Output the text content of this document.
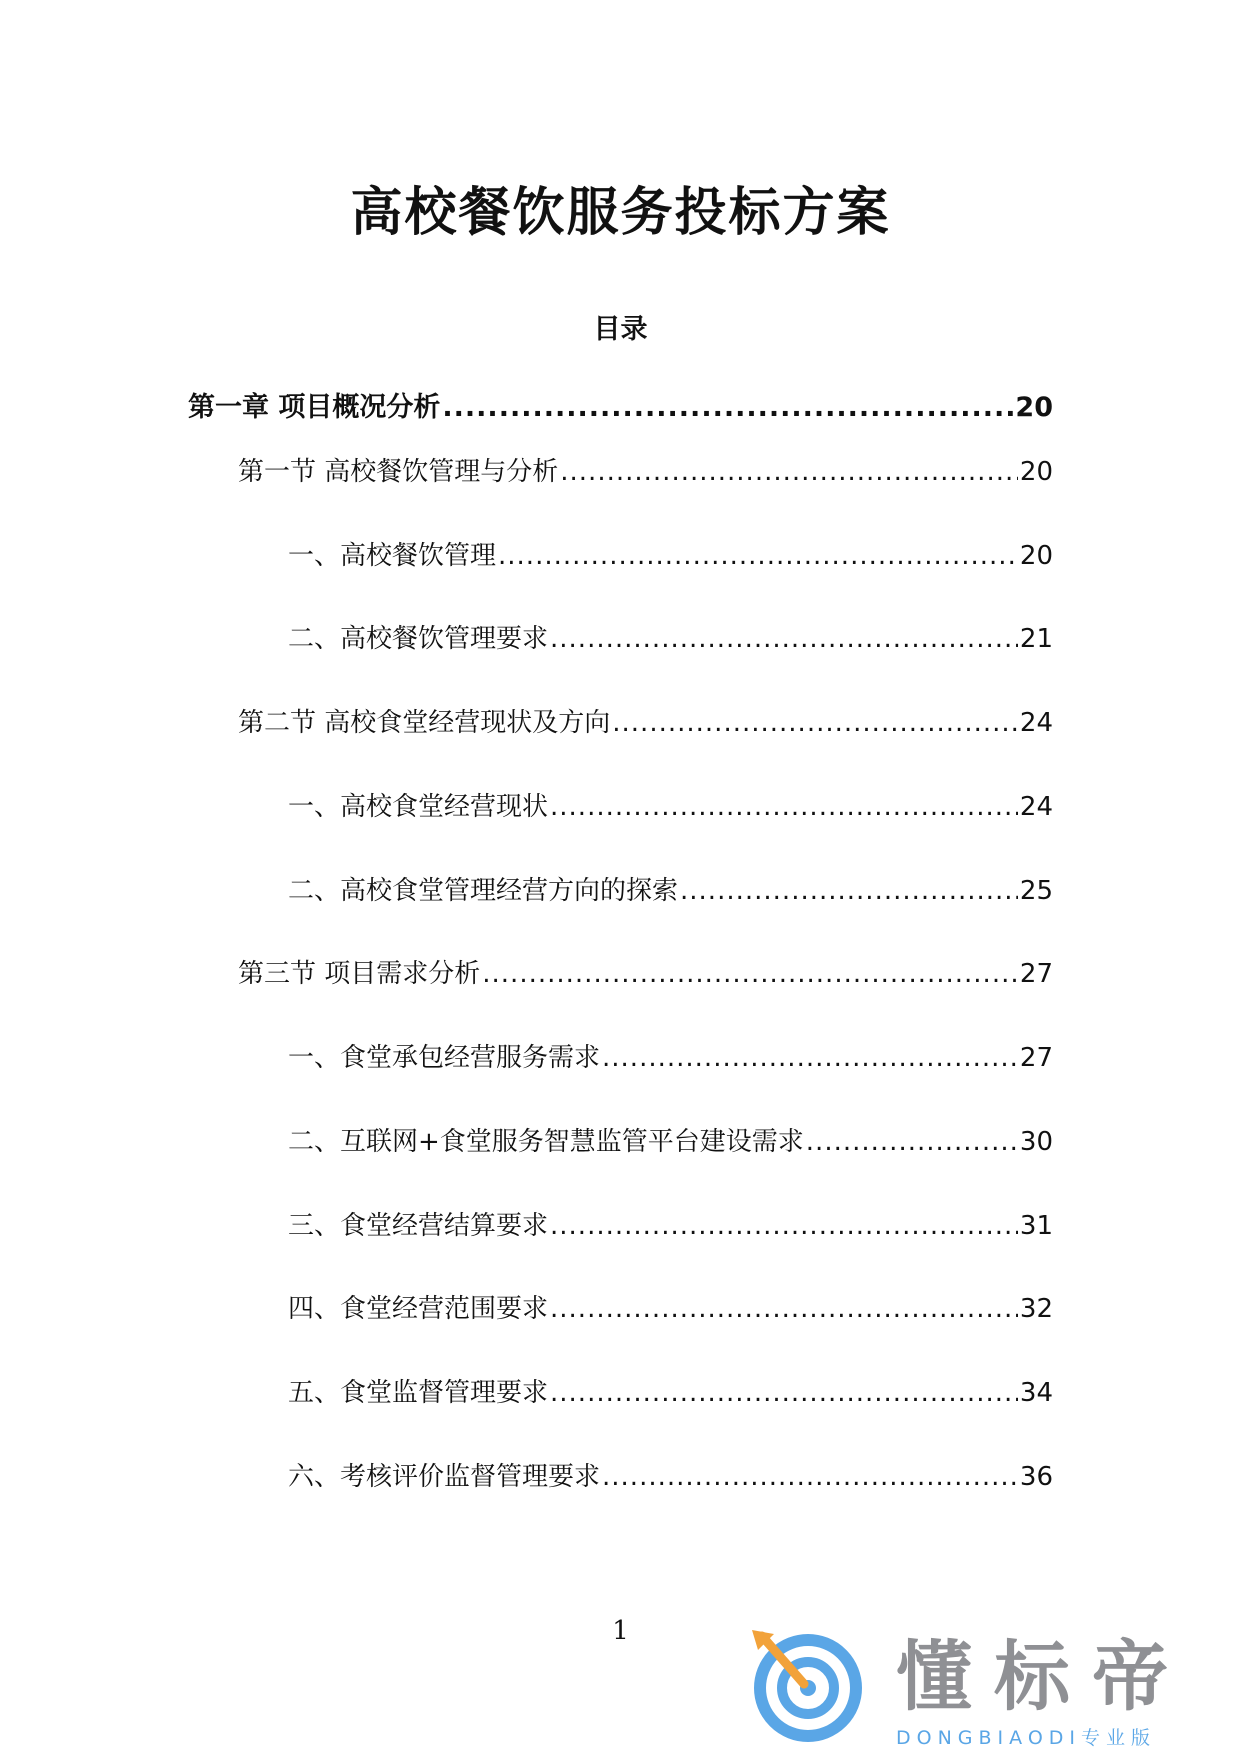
高校餐饮服务投标方案
目录
第一章 项目概况分析 .....	20
第一节 高校餐饮管理与分析 .....	20
一、高校餐饮管理 .....	20
二、高校餐饮管理要求 .....	21
第二节 高校食堂经营现状及方向 .....	24
一、高校食堂经营现状 .....	24
二、高校食堂管理经营方向的探索 .....	25
第三节 项目需求分析 .....	27
一、食堂承包经营服务需求 .....	27
二、互联网+食堂服务智慧监管平台建设需求 .....	30
三、食堂经营结算要求 .....	31
四、食堂经营范围要求 .....	32
五、食堂监督管理要求 .....	34
六、考核评价监督管理要求 .....	36
1
懂标帝
DONGBIAODI专业版
